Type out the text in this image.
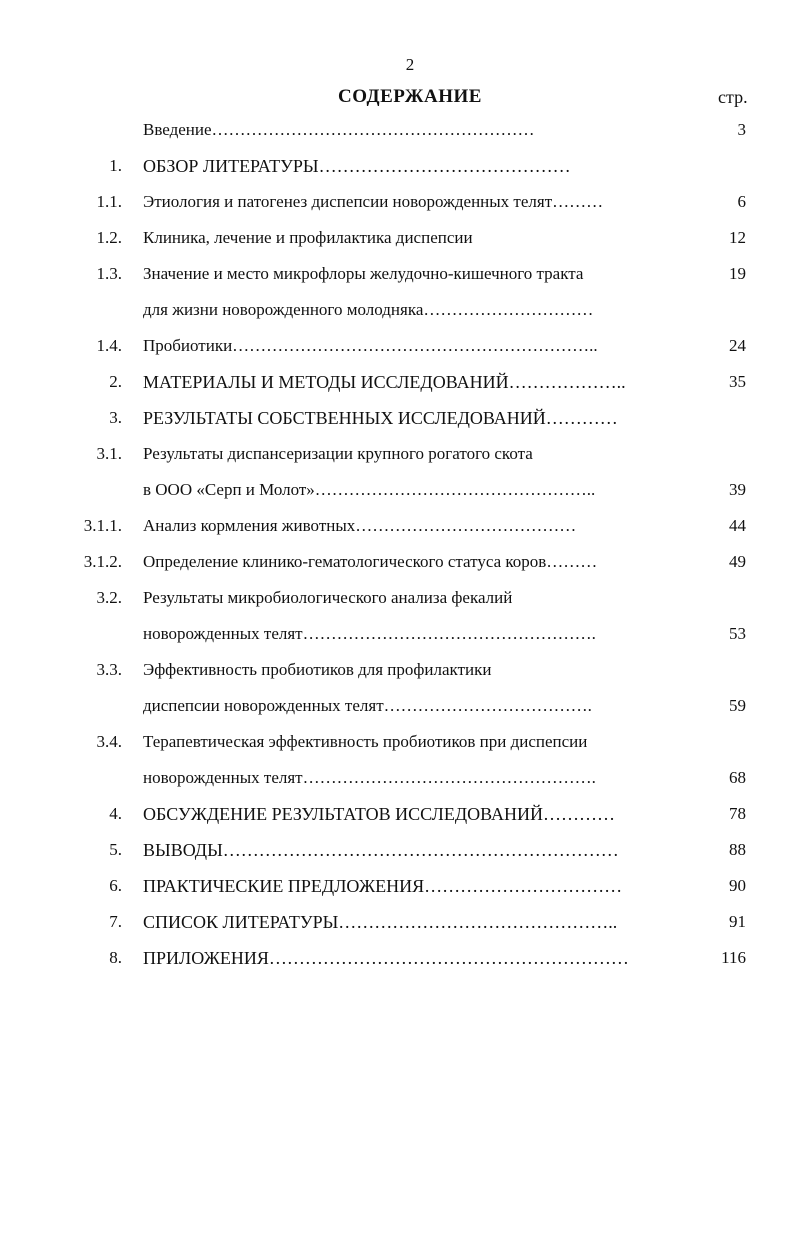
2
СОДЕРЖАНИЕ	стр.
Введение…………………………………………………	3
1. ОБЗОР ЛИТЕРАТУРЫ……………………………………
1.1. Этиология и патогенез диспепсии новорожденных телят………	6
1.2. Клиника, лечение и профилактика диспепсии	12
1.3. Значение и место микрофлоры желудочно-кишечного тракта	19
для жизни новорожденного молодняка…………………………
1.4. Пробиотики………………………………………………………..	24
2. МАТЕРИАЛЫ И МЕТОДЫ ИССЛЕДОВАНИЙ………………..	35
3. РЕЗУЛЬТАТЫ СОБСТВЕННЫХ ИССЛЕДОВАНИЙ…………
3.1. Результаты диспансеризации крупного рогатого скота
в ООО «Серп и Молот»…………………………………………..	39
3.1.1. Анализ кормления животных…………………………………	44
3.1.2. Определение клинико-гематологического статуса коров………	49
3.2. Результаты микробиологического анализа фекалий
новорожденных телят…………………………………………….	53
3.3. Эффективность пробиотиков для профилактики
диспепсии новорожденных телят……………………………….	59
3.4. Терапевтическая эффективность пробиотиков при диспепсии
новорожденных телят…………………………………………….	68
4. ОБСУЖДЕНИЕ РЕЗУЛЬТАТОВ ИССЛЕДОВАНИЙ…………	78
5. ВЫВОДЫ…………………………………………………………	88
6. ПРАКТИЧЕСКИЕ ПРЕДЛОЖЕНИЯ……………………………	90
7. СПИСОК ЛИТЕРАТУРЫ………………………………………..	91
8. ПРИЛОЖЕНИЯ……………………………………………………	116
